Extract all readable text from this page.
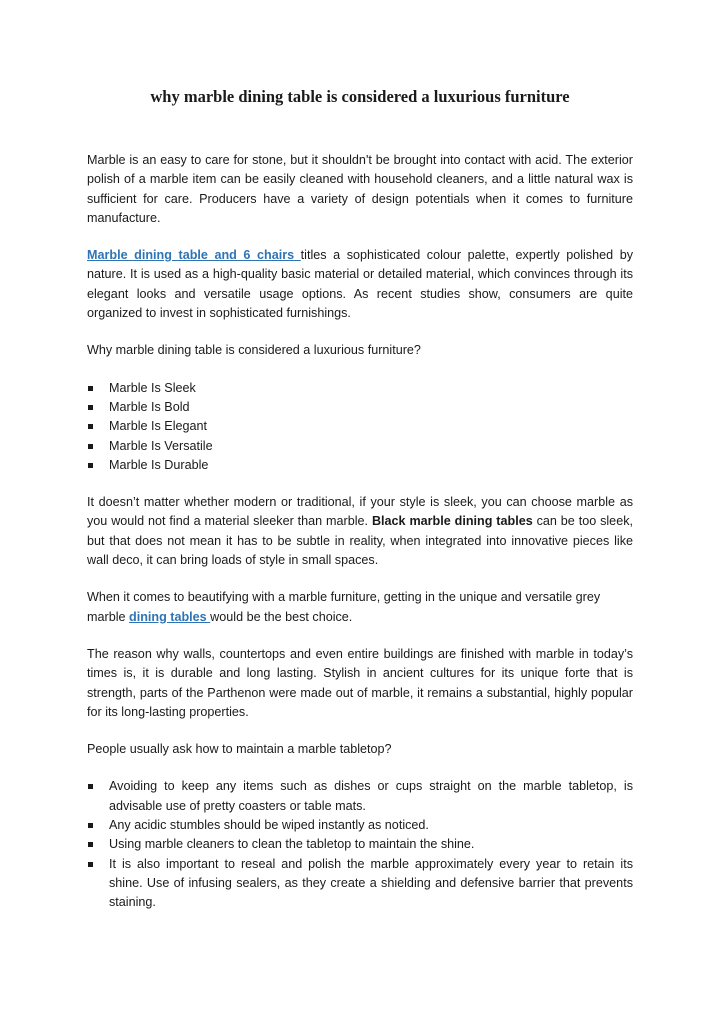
why marble dining table is considered a luxurious furniture

Marble is an easy to care for stone, but it shouldn't be brought into contact with acid. The exterior polish of a marble item can be easily cleaned with household cleaners, and a little natural wax is sufficient for care. Producers have a variety of design potentials when it comes to furniture manufacture.

Marble dining table and 6 chairs titles a sophisticated colour palette, expertly polished by nature. It is used as a high-quality basic material or detailed material, which convinces through its elegant looks and versatile usage options. As recent studies show, consumers are quite organized to invest in sophisticated furnishings.

Why marble dining table is considered a luxurious furniture?

Marble Is Sleek
Marble Is Bold
Marble Is Elegant
Marble Is Versatile
Marble Is Durable

It doesn’t matter whether modern or traditional, if your style is sleek, you can choose marble as you would not find a material sleeker than marble. Black marble dining tables can be too sleek, but that does not mean it has to be subtle in reality, when integrated into innovative pieces like wall deco, it can bring loads of style in small spaces.

When it comes to beautifying with a marble furniture, getting in the unique and versatile grey marble dining tables would be the best choice.

The reason why walls, countertops and even entire buildings are finished with marble in today’s times is, it is durable and long lasting. Stylish in ancient cultures for its unique forte that is strength, parts of the Parthenon were made out of marble, it remains a substantial, highly popular for its long-lasting properties.

People usually ask how to maintain a marble tabletop?

Avoiding to keep any items such as dishes or cups straight on the marble tabletop, is advisable use of pretty coasters or table mats.
Any acidic stumbles should be wiped instantly as noticed.
Using marble cleaners to clean the tabletop to maintain the shine.
It is also important to reseal and polish the marble approximately every year to retain its shine. Use of infusing sealers, as they create a shielding and defensive barrier that prevents staining.
